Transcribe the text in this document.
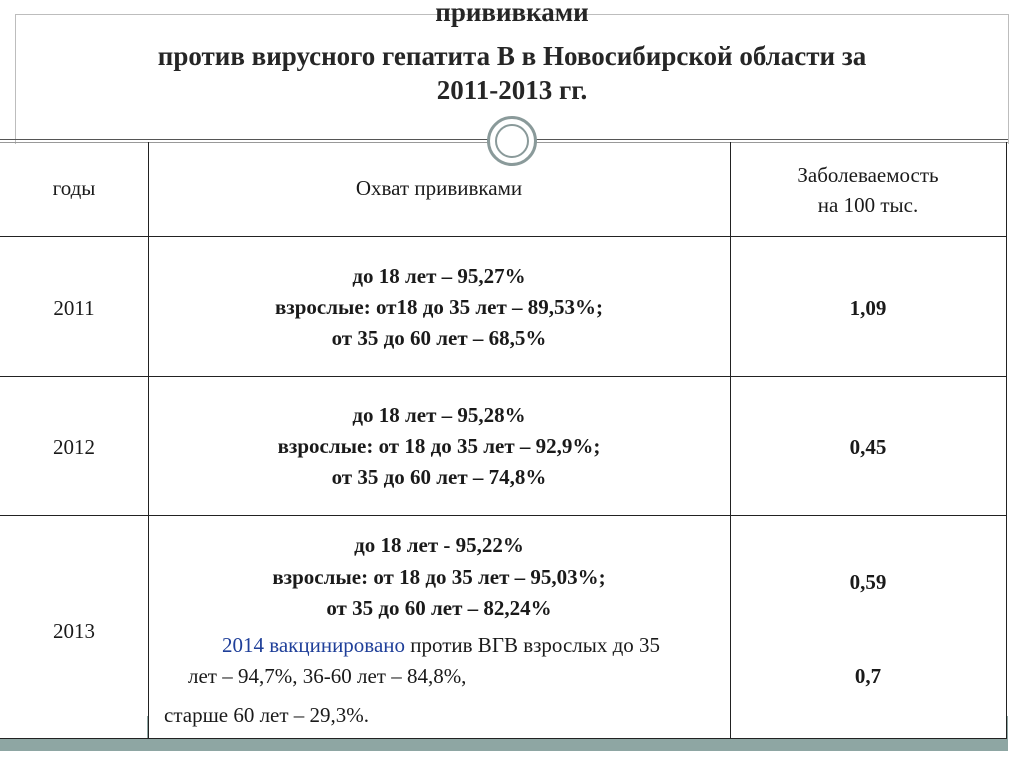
прививками
против вирусного гепатита В в Новосибирской области за
2011-2013 гг.
годы	Охват прививками
Заболеваемость
на 100 тыс.
2011
до 18 лет – 95,27%
взрослые: от18 до 35 лет – 89,53%;
от 35 до 60 лет – 68,5%
1,09
2012
до 18 лет – 95,28%
взрослые: от 18 до 35 лет – 92,9%;
от 35 до 60 лет – 74,8%
0,45
2013
до 18 лет - 95,22%
взрослые: от 18 до 35 лет – 95,03%;
от 35 до 60 лет – 82,24%
2014 вакцинировано против ВГВ взрослых до 35
лет – 94,7%, 36-60 лет – 84,8%,
старше 60 лет – 29,3%.
0,59
0,7
